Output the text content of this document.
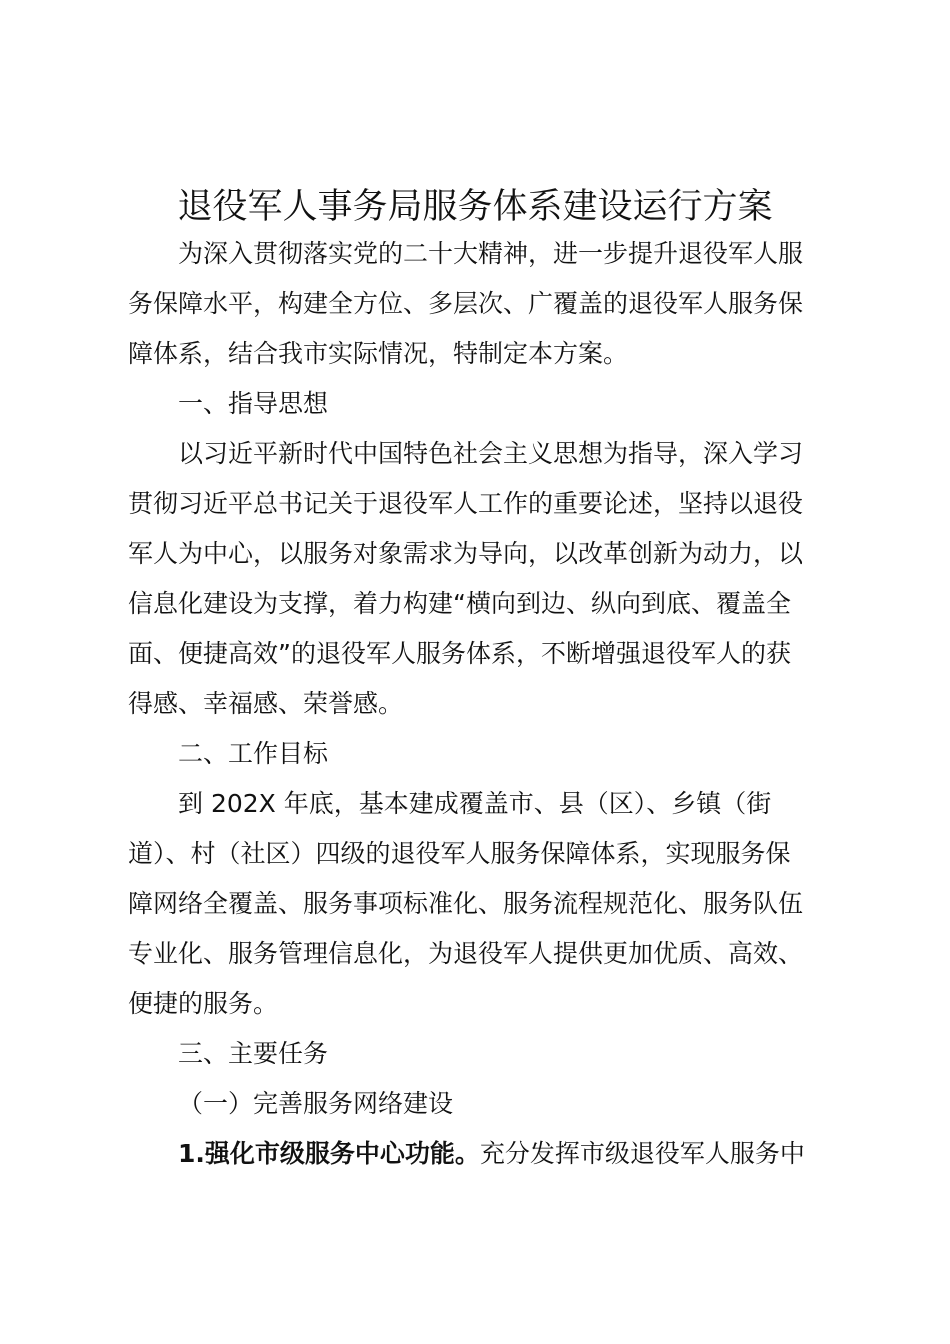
退役军人事务局服务体系建设运行方案
为深入贯彻落实党的二十大精神，进一步提升退役军人服
务保障水平，构建全方位、多层次、广覆盖的退役军人服务保
障体系，结合我市实际情况，特制定本方案。
一、指导思想
以习近平新时代中国特色社会主义思想为指导，深入学习
贯彻习近平总书记关于退役军人工作的重要论述，坚持以退役
军人为中心，以服务对象需求为导向，以改革创新为动力，以
信息化建设为支撑，着力构建“横向到边、纵向到底、覆盖全
面、便捷高效”的退役军人服务体系，不断增强退役军人的获
得感、幸福感、荣誉感。
二、工作目标
到 202X 年底，基本建成覆盖市、县（区）、乡镇（街
道）、村（社区）四级的退役军人服务保障体系，实现服务保
障网络全覆盖、服务事项标准化、服务流程规范化、服务队伍
专业化、服务管理信息化，为退役军人提供更加优质、高效、
便捷的服务。
三、主要任务
（一）完善服务网络建设
1.强化市级服务中心功能。充分发挥市级退役军人服务中
